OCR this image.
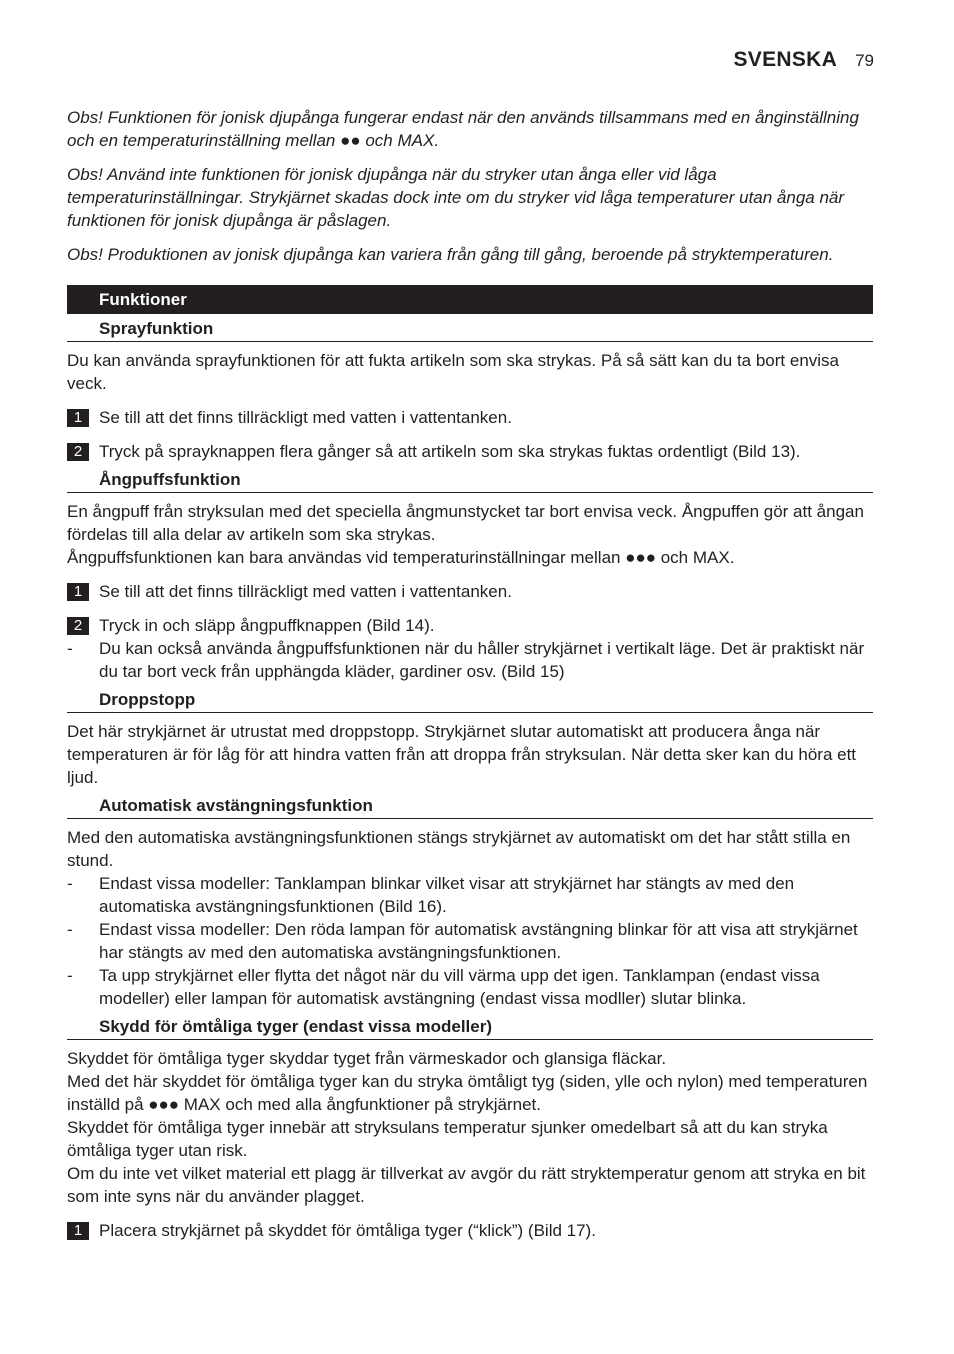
SVENSKA 79

Obs! Funktionen för jonisk djupånga fungerar endast när den används tillsammans med en ånginställning och en temperaturinställning mellan ●● och MAX.

Obs! Använd inte funktionen för jonisk djupånga när du stryker utan ånga eller vid låga temperaturinställningar. Strykjärnet skadas dock inte om du stryker vid låga temperaturer utan ånga när funktionen för jonisk djupånga är påslagen.

Obs! Produktionen av jonisk djupånga kan variera från gång till gång, beroende på stryktemperaturen.

Funktioner
Sprayfunktion

Du kan använda sprayfunktionen för att fukta artikeln som ska strykas. På så sätt kan du ta bort envisa veck.

1 Se till att det finns tillräckligt med vatten i vattentanken.
2 Tryck på sprayknappen flera gånger så att artikeln som ska strykas fuktas ordentligt (Bild 13).
Ångpuffsfunktion

En ångpuff från stryksulan med det speciella ångmunstycket tar bort envisa veck. Ångpuffen gör att ångan fördelas till alla delar av artikeln som ska strykas.

Ångpuffsfunktionen kan bara användas vid temperaturinställningar mellan ●●● och MAX.

1 Se till att det finns tillräckligt med vatten i vattentanken.
2 Tryck in och släpp ångpuffknappen (Bild 14).
-	Du kan också använda ångpuffsfunktionen när du håller strykjärnet i vertikalt läge. Det är praktiskt när du tar bort veck från upphängda kläder, gardiner osv. (Bild 15)
Droppstopp

Det här strykjärnet är utrustat med droppstopp. Strykjärnet slutar automatiskt att producera ånga när temperaturen är för låg för att hindra vatten från att droppa från stryksulan. När detta sker kan du höra ett ljud.

Automatisk avstängningsfunktion

Med den automatiska avstängningsfunktionen stängs strykjärnet av automatiskt om det har stått stilla en stund.

-	Endast vissa modeller: Tanklampan blinkar vilket visar att strykjärnet har stängts av med den automatiska avstängningsfunktionen (Bild 16).
-	Endast vissa modeller: Den röda lampan för automatisk avstängning blinkar för att visa att strykjärnet har stängts av med den automatiska avstängningsfunktionen.
-	Ta upp strykjärnet eller flytta det något när du vill värma upp det igen. Tanklampan (endast vissa modeller) eller lampan för automatisk avstängning (endast vissa modller) slutar blinka.
Skydd för ömtåliga tyger (endast vissa modeller)

Skyddet för ömtåliga tyger skyddar tyget från värmeskador och glansiga fläckar.

Med det här skyddet för ömtåliga tyger kan du stryka ömtåligt tyg (siden, ylle och nylon) med temperaturen inställd på ●●● MAX och med alla ångfunktioner på strykjärnet.

Skyddet för ömtåliga tyger innebär att stryksulans temperatur sjunker omedelbart så att du kan stryka ömtåliga tyger utan risk.

Om du inte vet vilket material ett plagg är tillverkat av avgör du rätt stryktemperatur genom att stryka en bit som inte syns när du använder plagget.

1 Placera strykjärnet på skyddet för ömtåliga tyger (“klick”) (Bild 17).
